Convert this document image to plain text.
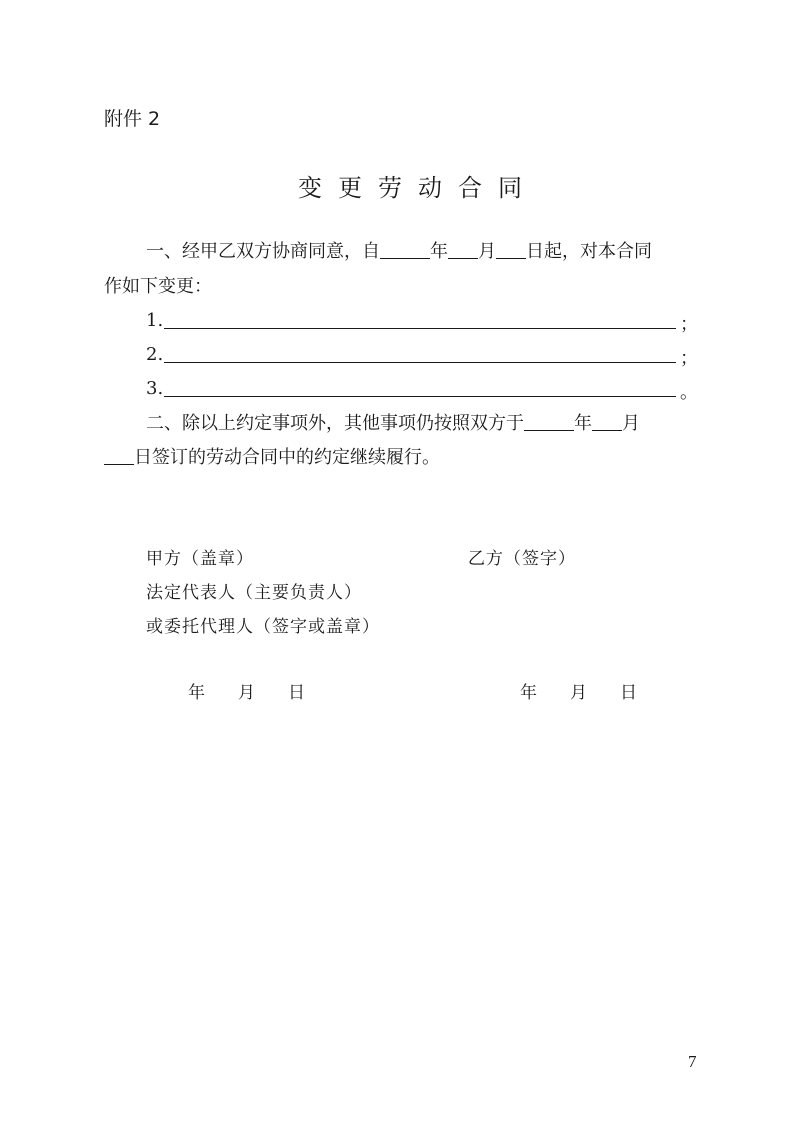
附件 2
变更劳动合同
一、经甲乙双方协商同意，自	年 月 日起，对本合同
作如下变更：
1.	；
2.	；
3.	。
二、除以上约定事项外，其他事项仍按照双方于	年 月
日签订的劳动合同中的约定继续履行。
甲方（盖章）	乙方（签字）
法定代表人（主要负责人）
或委托代理人（签字或盖章）
年 月 日	年 月 日
7
